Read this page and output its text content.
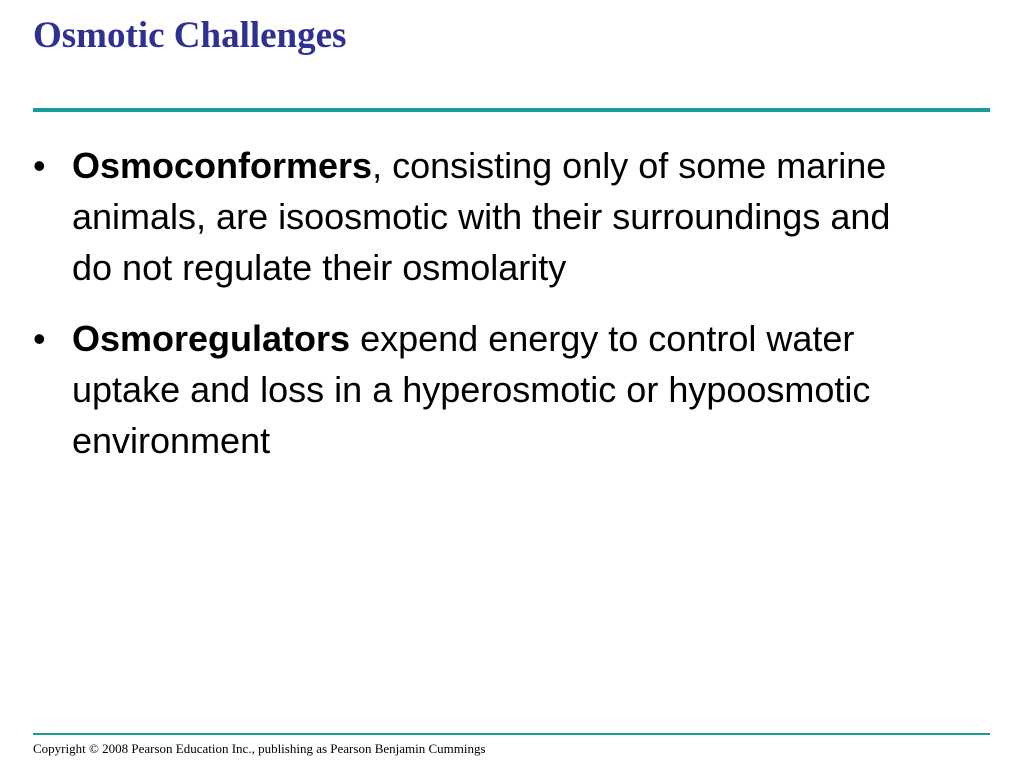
Osmotic Challenges
• Osmoconformers, consisting only of some marine animals, are isoosmotic with their surroundings and do not regulate their osmolarity
• Osmoregulators expend energy to control water uptake and loss in a hyperosmotic or hypoosmotic environment

Copyright © 2008 Pearson Education Inc., publishing as Pearson Benjamin Cummings
